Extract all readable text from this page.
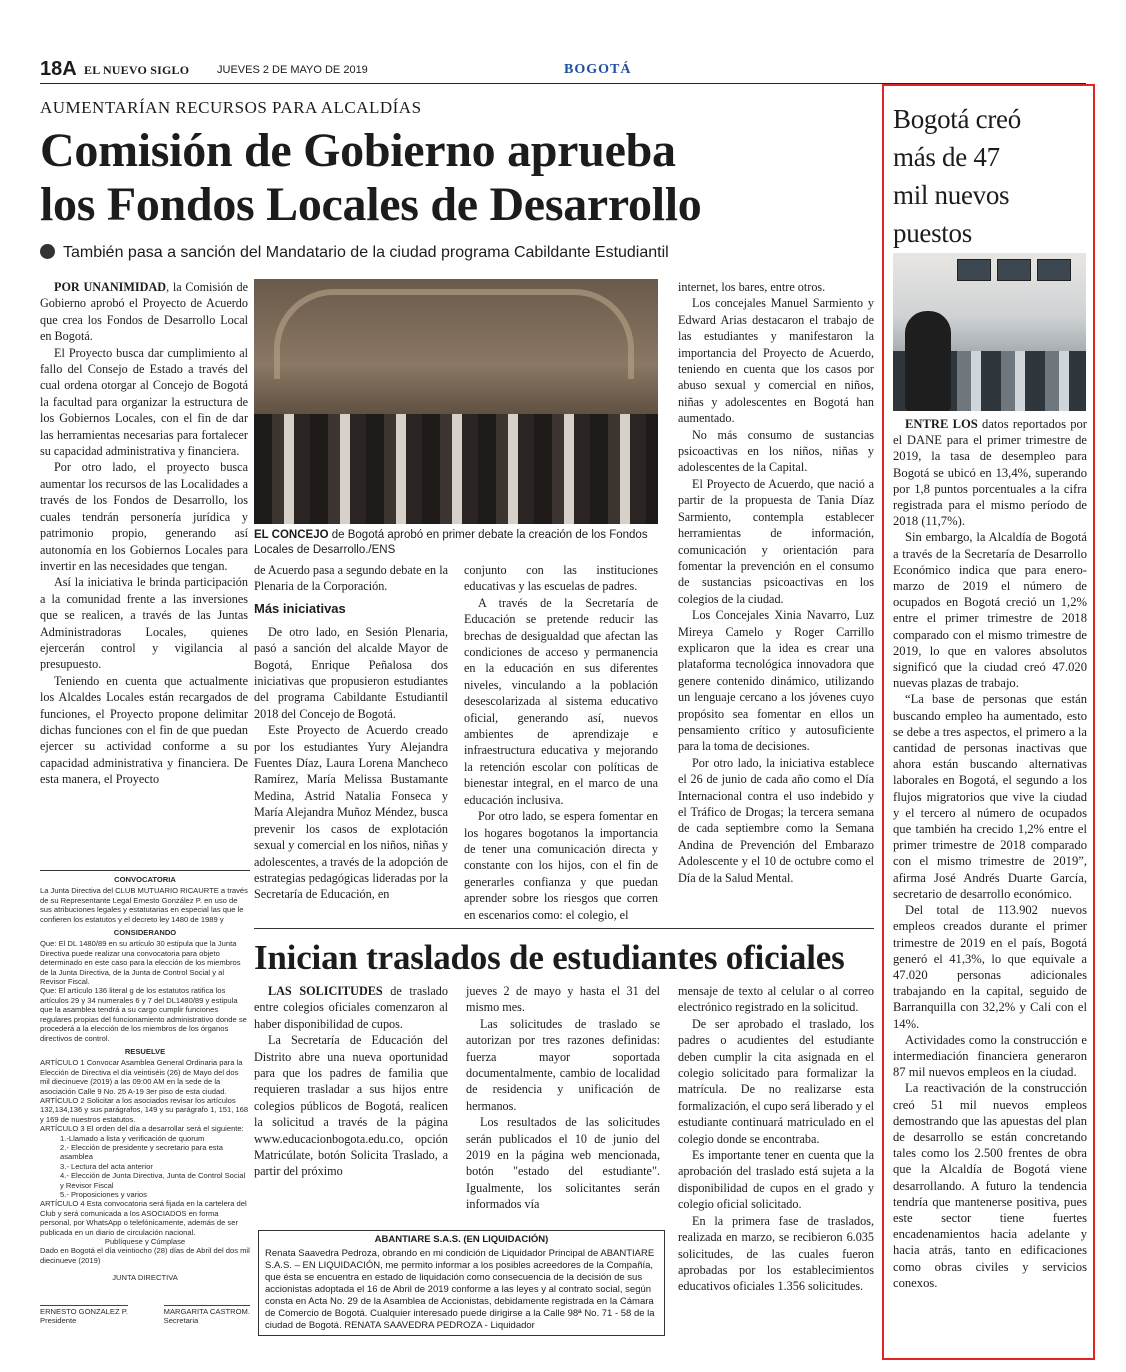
18A EL NUEVO SIGLO	JUEVES 2 DE MAYO DE 2019	BOGOTÁ
AUMENTARÍAN RECURSOS PARA ALCALDÍAS
Comisión de Gobierno aprueba
los Fondos Locales de Desarrollo
También pasa a sanción del Mandatario de la ciudad programa Cabildante Estudiantil

POR UNANIMIDAD, la Comisión de Gobierno aprobó el Proyecto de Acuerdo que crea los Fondos de Desarrollo Local en Bogotá.

El Proyecto busca dar cumplimiento al fallo del Consejo de Estado a través del cual ordena otorgar al Concejo de Bogotá la facultad para organizar la estructura de los Gobiernos Locales, con el fin de dar las herramientas necesarias para fortalecer su capacidad administrativa y financiera.

Por otro lado, el proyecto busca aumentar los recursos de las Localidades a través de los Fondos de Desarrollo, los cuales tendrán personería jurídica y patrimonio propio, generando así autonomía en los Gobiernos Locales para invertir en las necesidades que tengan.

Así la iniciativa le brinda participación a la comunidad frente a las inversiones que se realicen, a través de las Juntas Administradoras Locales, quienes ejercerán control y vigilancia al presupuesto.

Teniendo en cuenta que actualmente los Alcaldes Locales están recargados de funciones, el Proyecto propone delimitar dichas funciones con el fin de que puedan ejercer su actividad conforme a su capacidad administrativa y financiera. De esta manera, el Proyecto

EL CONCEJO de Bogotá aprobó en primer debate la creación de los Fondos Locales de Desarrollo./ENS

de Acuerdo pasa a segundo debate en la Plenaria de la Corporación.

Más iniciativas

De otro lado, en Sesión Plenaria, pasó a sanción del alcalde Mayor de Bogotá, Enrique Peñalosa dos iniciativas que propusieron estudiantes del programa Cabildante Estudiantil 2018 del Concejo de Bogotá.

Este Proyecto de Acuerdo creado por los estudiantes Yury Alejandra Fuentes Díaz, Laura Lorena Mancheco Ramírez, María Melissa Bustamante Medina, Astrid Natalia Fonseca y María Alejandra Muñoz Méndez, busca prevenir los casos de explotación sexual y comercial en los niños, niñas y adolescentes, a través de la adopción de estrategias pedagógicas lideradas por la Secretaría de Educación, en

conjunto con las instituciones educativas y las escuelas de padres.

A través de la Secretaría de Educación se pretende reducir las brechas de desigualdad que afectan las condiciones de acceso y permanencia en la educación en sus diferentes niveles, vinculando a la población desescolarizada al sistema educativo oficial, generando así, nuevos ambientes de aprendizaje e infraestructura educativa y mejorando la retención escolar con políticas de bienestar integral, en el marco de una educación inclusiva.

Por otro lado, se espera fomentar en los hogares bogotanos la importancia de tener una comunicación directa y constante con los hijos, con el fin de generarles confianza y que puedan aprender sobre los riesgos que corren en escenarios como: el colegio, el

internet, los bares, entre otros.

Los concejales Manuel Sarmiento y Edward Arias destacaron el trabajo de las estudiantes y manifestaron la importancia del Proyecto de Acuerdo, teniendo en cuenta que los casos por abuso sexual y comercial en niños, niñas y adolescentes en Bogotá han aumentado.

No más consumo de sustancias psicoactivas en los niños, niñas y adolescentes de la Capital.

El Proyecto de Acuerdo, que nació a partir de la propuesta de Tania Díaz Sarmiento, contempla establecer herramientas de información, comunicación y orientación para fomentar la prevención en el consumo de sustancias psicoactivas en los colegios de la ciudad.

Los Concejales Xinia Navarro, Luz Mireya Camelo y Roger Carrillo explicaron que la idea es crear una plataforma tecnológica innovadora que genere contenido dinámico, utilizando un lenguaje cercano a los jóvenes cuyo propósito sea fomentar en ellos un pensamiento crítico y autosuficiente para la toma de decisiones.

Por otro lado, la iniciativa establece el 26 de junio de cada año como el Día Internacional contra el uso indebido y el Tráfico de Drogas; la tercera semana de cada septiembre como la Semana Andina de Prevención del Embarazo Adolescente y el 10 de octubre como el Día de la Salud Mental.

Inician traslados de estudiantes oficiales

LAS SOLICITUDES de traslado entre colegios oficiales comenzaron al haber disponibilidad de cupos.

La Secretaría de Educación del Distrito abre una nueva oportunidad para que los padres de familia que requieren trasladar a sus hijos entre colegios públicos de Bogotá, realicen la solicitud a través de la página www.educacionbogota.edu.co, opción Matricúlate, botón Solicita Traslado, a partir del próximo

jueves 2 de mayo y hasta el 31 del mismo mes.

Las solicitudes de traslado se autorizan por tres razones definidas: fuerza mayor soportada documentalmente, cambio de localidad de residencia y unificación de hermanos.

Los resultados de las solicitudes serán publicados el 10 de junio del 2019 en la página web mencionada, botón "estado del estudiante". Igualmente, los solicitantes serán informados vía

mensaje de texto al celular o al correo electrónico registrado en la solicitud.

De ser aprobado el traslado, los padres o acudientes del estudiante deben cumplir la cita asignada en el colegio solicitado para formalizar la matrícula. De no realizarse esta formalización, el cupo será liberado y el estudiante continuará matriculado en el colegio donde se encontraba.

Es importante tener en cuenta que la aprobación del traslado está sujeta a la disponibilidad de cupos en el grado y colegio oficial solicitado.

En la primera fase de traslados, realizada en marzo, se recibieron 6.035 solicitudes, de las cuales fueron aprobadas por los establecimientos educativos oficiales 1.356 solicitudes.

CONVOCATORIA
La Junta Directiva del CLUB MUTUARIO RICAURTE a través de su Representante Legal Ernesto González P. en uso de sus atribuciones legales y estatutarias en especial las que le confieren los estatutos y el decreto ley 1480 de 1989 y
CONSIDERANDO
Que: El DL 1480/89 en su artículo 30 estipula que la Junta Directiva puede realizar una convocatoria para objeto determinado en este caso para la elección de los miembros de la Junta Directiva, de la Junta de Control Social y al Revisor Fiscal.
Que: El artículo 136 literal g de los estatutos ratifica los artículos 29 y 34 numerales 6 y 7 del DL1480/89 y estipula que la asamblea tendrá a su cargo cumplir funciones regulares propias del funcionamiento administrativo donde se procederá a la elección de los miembros de los órganos directivos de control.
RESUELVE
ARTÍCULO 1 Convocar Asamblea General Ordinaria para la Elección de Directiva el día veintiséis (26) de Mayo del dos mil diecinueve (2019) a las 09:00 AM en la sede de la asociación Calle 9 No. 25 A-19 3er piso de esta ciudad.
ARTÍCULO 2 Solicitar a los asociados revisar los artículos 132,134,136 y sus parágrafos, 149 y su parágrafo 1, 151, 168 y 169 de nuestros estatutos.
ARTÍCULO 3 El orden del día a desarrollar será el siguiente:
1.-Llamado a lista y verificación de quorum
2.- Elección de presidente y secretario para esta asamblea
3.- Lectura del acta anterior
4.- Elección de Junta Directiva, Junta de Control Social y Revisor Fiscal
5.- Proposiciones y varios
ARTÍCULO 4 Esta convocatoria será fijada en la cartelera del Club y será comunicada a los ASOCIADOS en forma personal, por WhatsApp o telefónicamente, además de ser publicada en un diario de circulación nacional.
Publíquese y Cúmplase
Dado en Bogotá el día veintiocho (28) días de Abril del dos mil diecinueve (2019)
JUNTA DIRECTIVA
ERNESTO GONZALEZ P.
Presidente
MARGARITA CASTROM.
Secretaria
ABANTIARE S.A.S. (EN LIQUIDACIÓN)
Renata Saavedra Pedroza, obrando en mi condición de Liquidador Principal de ABANTIARE S.A.S. – EN LIQUIDACIÓN, me permito informar a los posibles acreedores de la Compañía, que ésta se encuentra en estado de liquidación como consecuencia de la decisión de sus accionistas adoptada el 16 de Abril de 2019 conforme a las leyes y al contrato social, según consta en Acta No. 29 de la Asamblea de Accionistas, debidamente registrada en la Cámara de Comercio de Bogotá. Cualquier interesado puede dirigirse a la Calle 98ª No. 71 - 58 de la ciudad de Bogotá. RENATA SAAVEDRA PEDROZA - Liquidador
Bogotá creó
más de 47
mil nuevos
puestos

ENTRE LOS datos reportados por el DANE para el primer trimestre de 2019, la tasa de desempleo para Bogotá se ubicó en 13,4%, superando por 1,8 puntos porcentuales a la cifra registrada para el mismo período de 2018 (11,7%).

Sin embargo, la Alcaldía de Bogotá a través de la Secretaría de Desarrollo Económico indica que para enero-marzo de 2019 el número de ocupados en Bogotá creció un 1,2% entre el primer trimestre de 2018 comparado con el mismo trimestre de 2019, lo que en valores absolutos significó que la ciudad creó 47.020 nuevas plazas de trabajo.

“La base de personas que están buscando empleo ha aumentado, esto se debe a tres aspectos, el primero a la cantidad de personas inactivas que ahora están buscando alternativas laborales en Bogotá, el segundo a los flujos migratorios que vive la ciudad y el tercero al número de ocupados que también ha crecido 1,2% entre el primer trimestre de 2018 comparado con el mismo trimestre de 2019”, afirma José Andrés Duarte García, secretario de desarrollo económico.

Del total de 113.902 nuevos empleos creados durante el primer trimestre de 2019 en el país, Bogotá generó el 41,3%, lo que equivale a 47.020 personas adicionales trabajando en la capital, seguido de Barranquilla con 32,2% y Cali con el 14%.

Actividades como la construcción e intermediación financiera generaron 87 mil nuevos empleos en la ciudad.

La reactivación de la construcción creó 51 mil nuevos empleos demostrando que las apuestas del plan de desarrollo se están concretando tales como los 2.500 frentes de obra que la Alcaldía de Bogotá viene desarrollando. A futuro la tendencia tendría que mantenerse positiva, pues este sector tiene fuertes encadenamientos hacia adelante y hacia atrás, tanto en edificaciones como obras civiles y servicios conexos.
